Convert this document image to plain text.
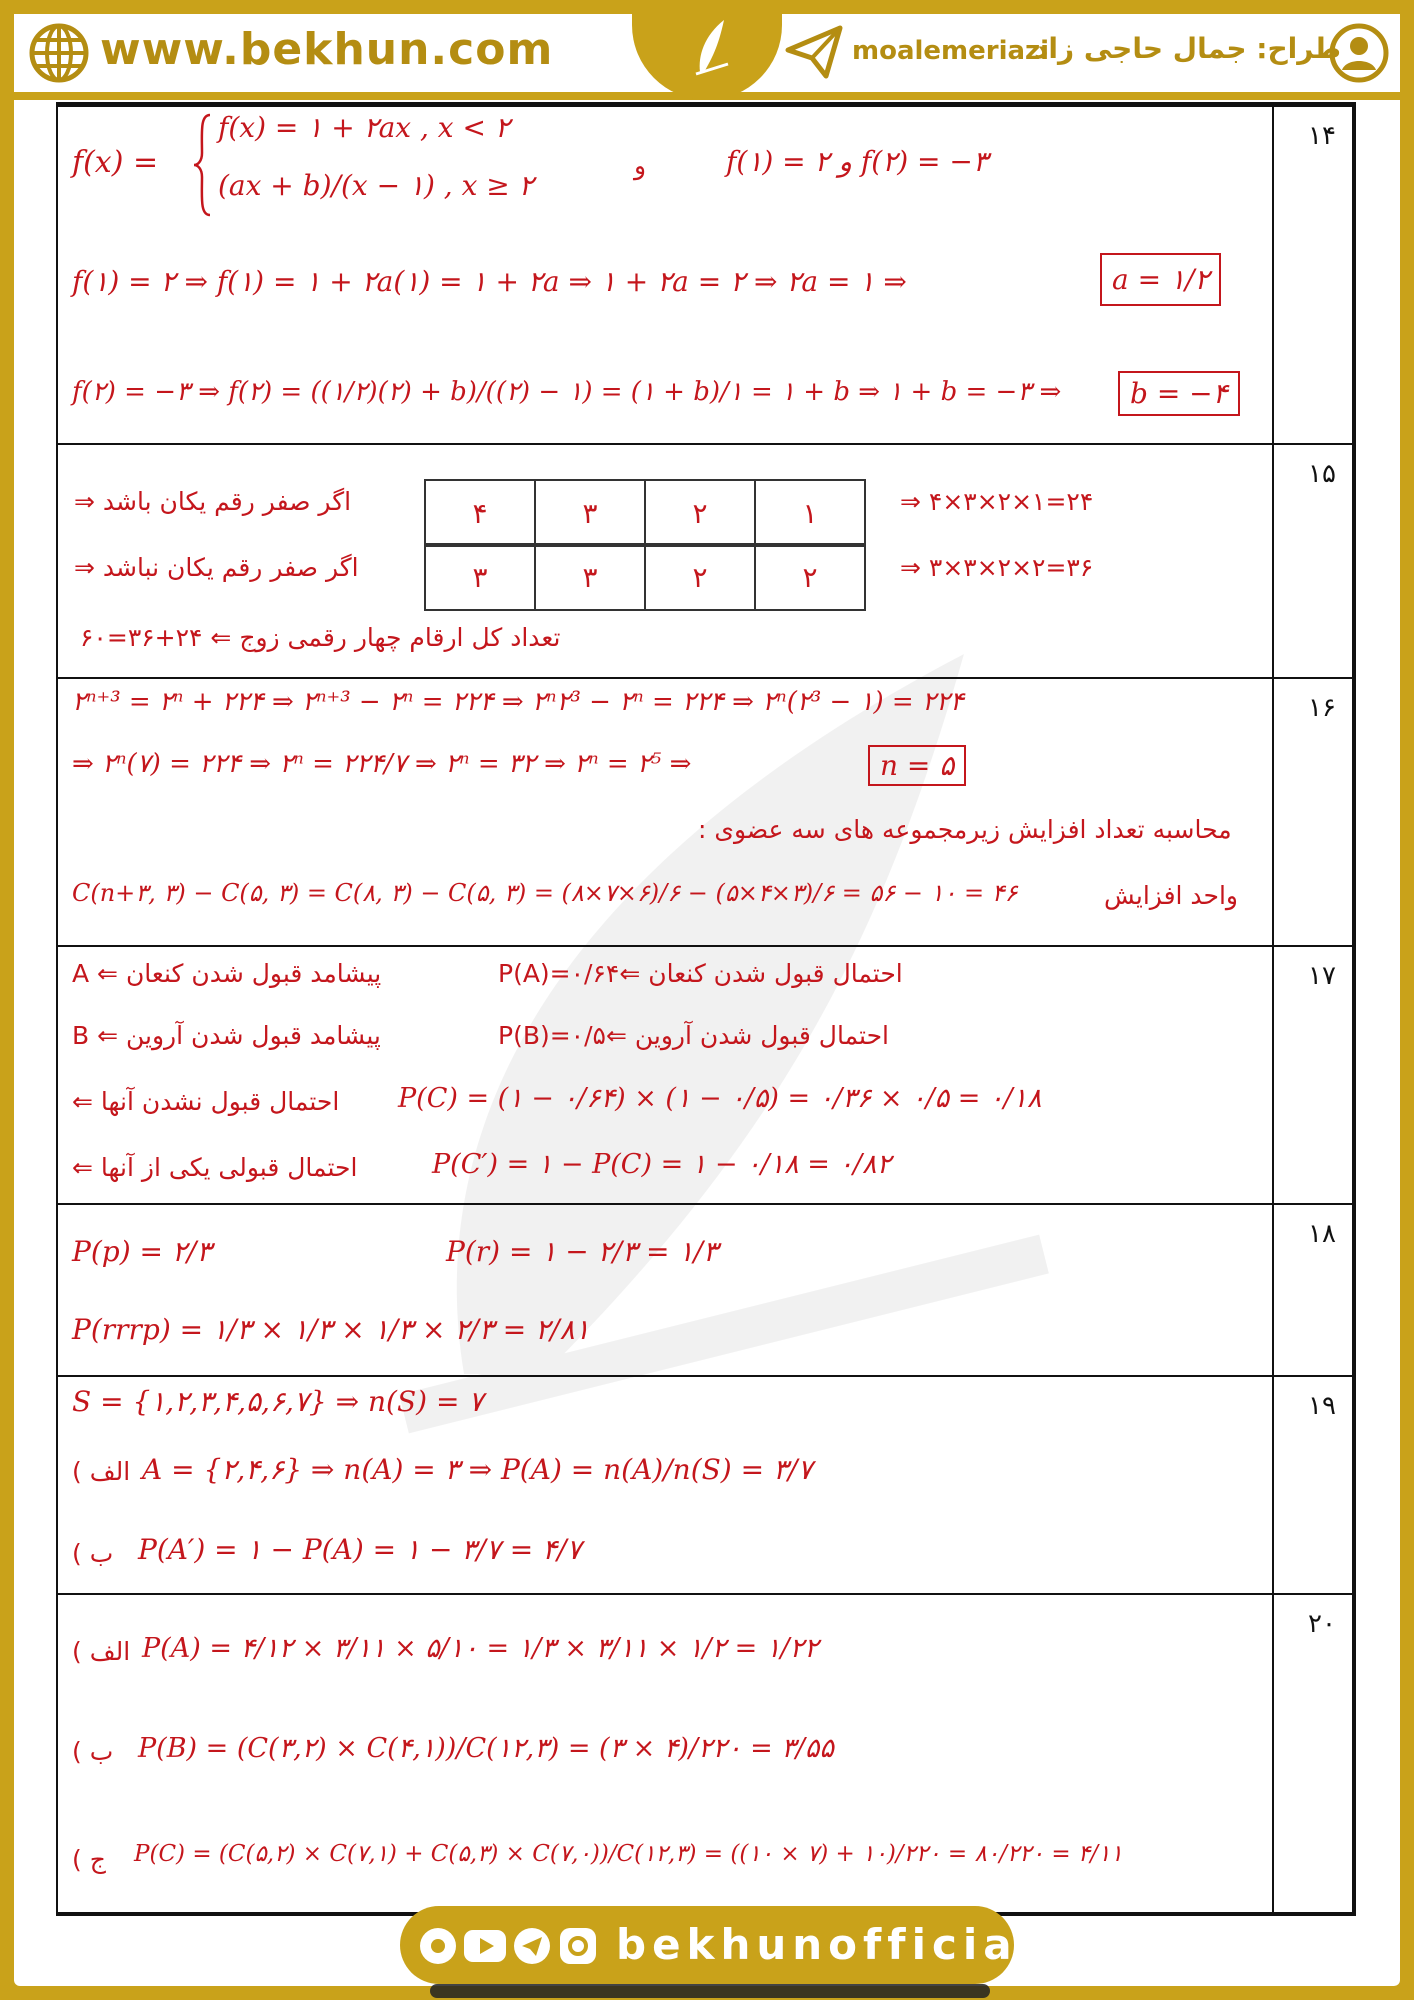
www.bekhun.com	moalemeriazi
طراح: جمال حاجی زاد
۱۴
f(x) =
f(x) = ۱ + ۲ax , x < ۲
(ax + b)/(x − ۱) , x ≥ ۲
و	f(۱) = ۲ و f(۲) = −۳
f(۱) = ۲ ⇒ f(۱) = ۱ + ۲a(۱) = ۱ + ۲a ⇒ ۱ + ۲a = ۲ ⇒ ۲a = ۱ ⇒	a = ۱/۲
f(۲) = −۳ ⇒ f(۲) = ((۱/۲)(۲) + b)/((۲) − ۱) = (۱ + b)/۱ = ۱ + b ⇒ ۱ + b = −۳ ⇒	b = −۴
۱۵
اگر صفر رقم یکان باشد ⇒	۴	۳	۲	۱	⇒ ۴×۳×۲×۱=۲۴
اگر صفر رقم یکان نباشد ⇒	۳	۳	۲	۲	⇒ ۳×۳×۲×۲=۳۶
تعداد کل ارقام چهار رقمی زوج ⇐ ۲۴+۳۶=۶۰
۱۶
۲ⁿ⁺³ = ۲ⁿ + ۲۲۴ ⇒ ۲ⁿ⁺³ − ۲ⁿ = ۲۲۴ ⇒ ۲ⁿ۲³ − ۲ⁿ = ۲۲۴ ⇒ ۲ⁿ(۲³ − ۱) = ۲۲۴
⇒ ۲ⁿ(۷) = ۲۲۴ ⇒ ۲ⁿ = ۲۲۴/۷ ⇒ ۲ⁿ = ۳۲ ⇒ ۲ⁿ = ۲⁵ ⇒	n = ۵
محاسبه تعداد افزایش زیرمجموعه های سه عضوی :
C(n+۳, ۳) − C(۵, ۳) = C(۸, ۳) − C(۵, ۳) = (۸×۷×۶)/۶ − (۵×۴×۳)/۶ = ۵۶ − ۱۰ = ۴۶	واحد افزایش
۱۷
پیشامد قبول شدن کنعان ⇐ A	احتمال قبول شدن کنعان ⇐P(A)=۰/۶۴
پیشامد قبول شدن آروین ⇐ B	احتمال قبول شدن آروین ⇐P(B)=۰/۵
احتمال قبول نشدن آنها ⇐ P(C) = (۱ − ۰/۶۴) × (۱ − ۰/۵) = ۰/۳۶ × ۰/۵ = ۰/۱۸
احتمال قبولی یکی از آنها ⇐	P(C′) = ۱ − P(C) = ۱ − ۰/۱۸ = ۰/۸۲
۱۸
P(p) = ۲/۳	P(r) = ۱ − ۲/۳ = ۱/۳
P(rrrp) = ۱/۳ × ۱/۳ × ۱/۳ × ۲/۳ = ۲/۸۱
۱۹
S = {۱,۲,۳,۴,۵,۶,۷} ⇒ n(S) = ۷
الف ) A = {۲,۴,۶} ⇒ n(A) = ۳ ⇒ P(A) = n(A)/n(S) = ۳/۷
ب ) P(A′) = ۱ − P(A) = ۱ − ۳/۷ = ۴/۷
۲۰
الف ) P(A) = ۴/۱۲ × ۳/۱۱ × ۵/۱۰ = ۱/۳ × ۳/۱۱ × ۱/۲ = ۱/۲۲
ب ) P(B) = (C(۳,۲) × C(۴,۱))/C(۱۲,۳) = (۳ × ۴)/۲۲۰ = ۳/۵۵
ج ) P(C) = (C(۵,۲) × C(۷,۱) + C(۵,۳) × C(۷,۰))/C(۱۲,۳) = ((۱۰ × ۷) + ۱۰)/۲۲۰ = ۸۰/۲۲۰ = ۴/۱۱
bekhunofficial
